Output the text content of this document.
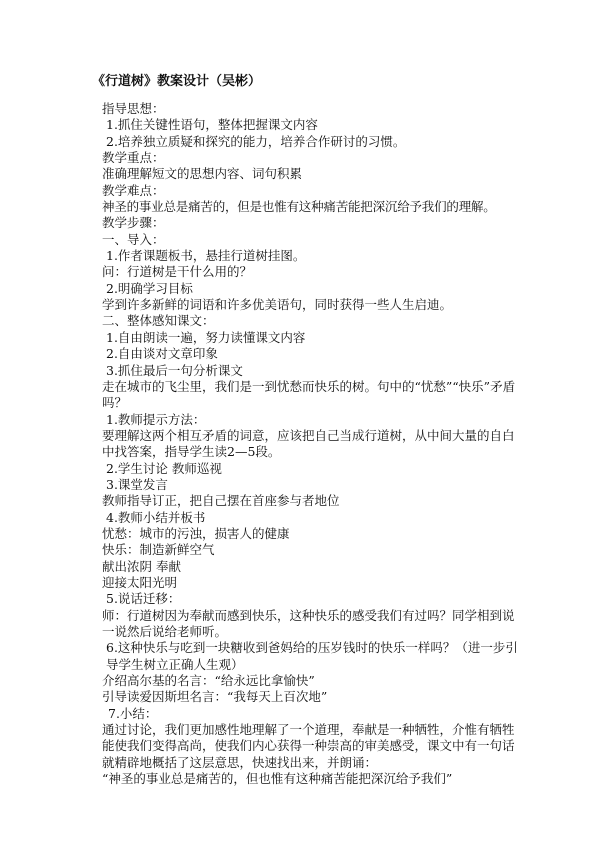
《行道树》教案设计（吴彬）
指导思想：
1.抓住关键性语句，整体把握课文内容
2.培养独立质疑和探究的能力，培养合作研讨的习惯。
教学重点：
准确理解短文的思想内容、词句积累
教学难点：
神圣的事业总是痛苦的，但是也惟有这种痛苦能把深沉给予我们的理解。
教学步骤：
一、导入：
1.作者课题板书，悬挂行道树挂图。
问：行道树是干什么用的？
2.明确学习目标
学到许多新鲜的词语和许多优美语句，同时获得一些人生启迪。
二、整体感知课文：
1.自由朗读一遍，努力读懂课文内容
2.自由谈对文章印象
3.抓住最后一句分析课文
走在城市的飞尘里，我们是一到忧愁而快乐的树。句中的“忧愁”“快乐”矛盾吗？
1.教师提示方法：
要理解这两个相互矛盾的词意，应该把自己当成行道树，从中间大量的自白中找答案，指导学生读2—5段。
2.学生讨论 教师巡视
3.课堂发言
教师指导订正，把自己摆在首座参与者地位
4.教师小结并板书
忧愁：城市的污浊，损害人的健康
快乐：制造新鲜空气
献出浓阴 奉献
迎接太阳光明
5.说话迁移：
师：行道树因为奉献而感到快乐，这种快乐的感受我们有过吗？同学相到说一说然后说给老师听。
6.这种快乐与吃到一块糖收到爸妈给的压岁钱时的快乐一样吗？（进一步引导学生树立正确人生观）
介绍高尔基的名言：“给永远比拿愉快”
引导读爱因斯坦名言：“我每天上百次地”
7.小结：
通过讨论，我们更加感性地理解了一个道理，奉献是一种牺牲，介惟有牺牲能使我们变得高尚，使我们内心获得一种崇高的审美感受，课文中有一句话就精辟地概括了这层意思，快速找出来，并朗诵：
“神圣的事业总是痛苦的，但也惟有这种痛苦能把深沉给予我们”
